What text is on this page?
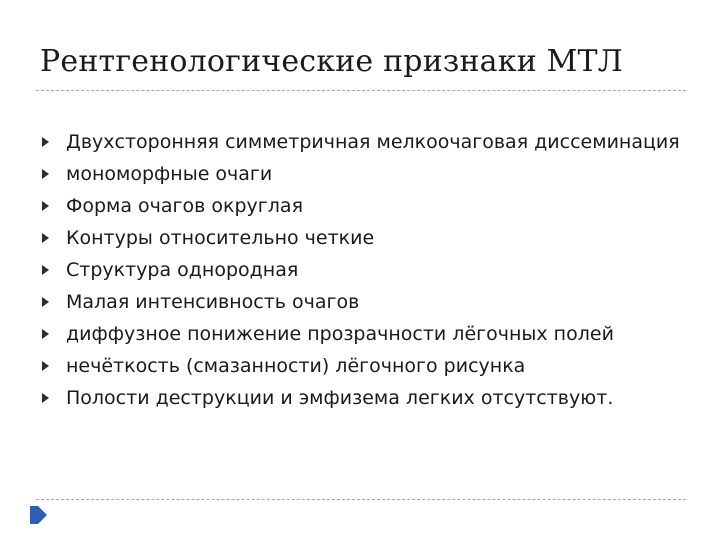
Рентгенологические признаки МТЛ
Двухсторонняя симметричная мелкоочаговая диссеминация
мономорфные очаги
Форма очагов округлая
Контуры относительно четкие
Структура однородная
Малая интенсивность очагов
диффузное понижение прозрачности лёгочных полей
нечёткость (смазанности) лёгочного рисунка
Полости деструкции и эмфизема легких отсутствуют.
